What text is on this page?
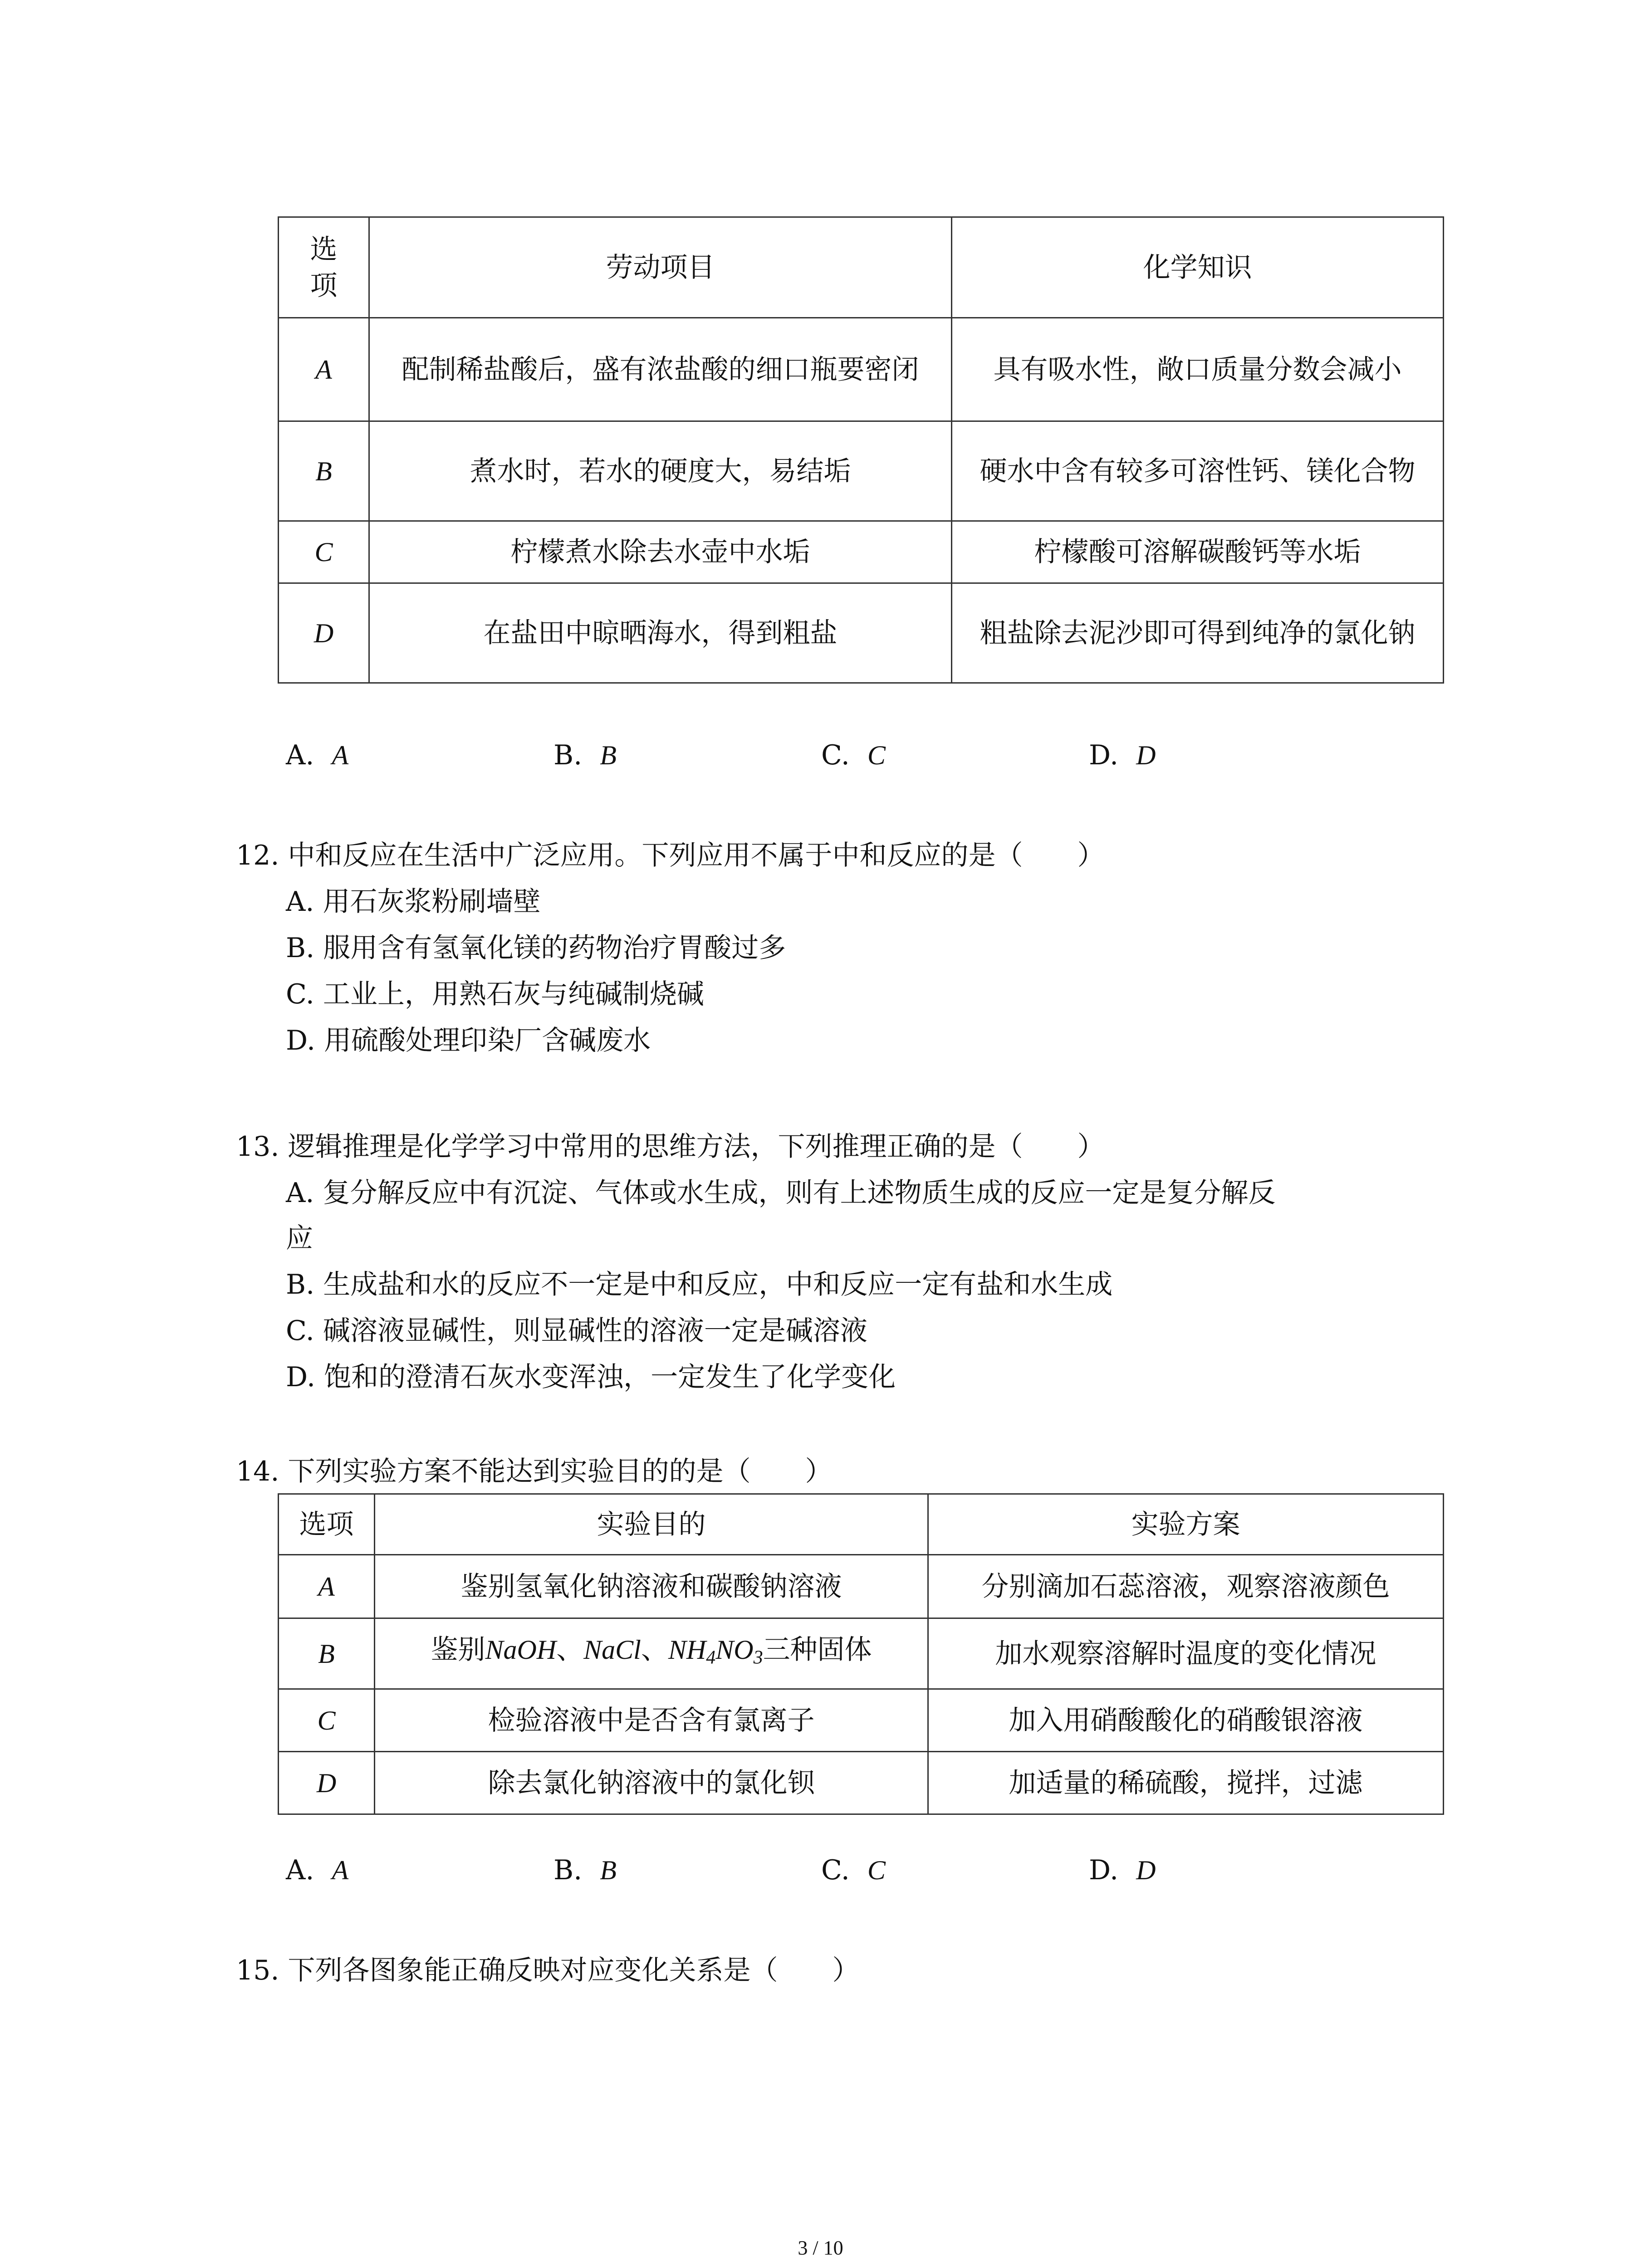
选项	劳动项目	化学知识
A	配制稀盐酸后，盛有浓盐酸的细口瓶要密闭	具有吸水性，敞口质量分数会减小
B	煮水时，若水的硬度大，易结垢	硬水中含有较多可溶性钙、镁化合物
C	柠檬煮水除去水壶中水垢	柠檬酸可溶解碳酸钙等水垢
D	在盐田中晾晒海水，得到粗盐	粗盐除去泥沙即可得到纯净的氯化钠
A. A	B. B	C. C	D. D
12. 中和反应在生活中广泛应用。下列应用不属于中和反应的是（　　）
A. 用石灰浆粉刷墙壁
B. 服用含有氢氧化镁的药物治疗胃酸过多
C. 工业上，用熟石灰与纯碱制烧碱
D. 用硫酸处理印染厂含碱废水
13. 逻辑推理是化学学习中常用的思维方法，下列推理正确的是（　　）
A. 复分解反应中有沉淀、气体或水生成，则有上述物质生成的反应一定是复分解反
应
B. 生成盐和水的反应不一定是中和反应，中和反应一定有盐和水生成
C. 碱溶液显碱性，则显碱性的溶液一定是碱溶液
D. 饱和的澄清石灰水变浑浊，一定发生了化学变化
14. 下列实验方案不能达到实验目的的是（　　）
选项	实验目的	实验方案
A	鉴别氢氧化钠溶液和碳酸钠溶液	分别滴加石蕊溶液，观察溶液颜色
B	鉴别NaOH、NaCl、$NH_4NO_3$三种固体	加水观察溶解时温度的变化情况
C	检验溶液中是否含有氯离子	加入用硝酸酸化的硝酸银溶液
D	除去氯化钠溶液中的氯化钡	加适量的稀硫酸，搅拌，过滤
A. A	B. B	C. C	D. D
15. 下列各图象能正确反映对应变化关系是（　　）
3 / 10
